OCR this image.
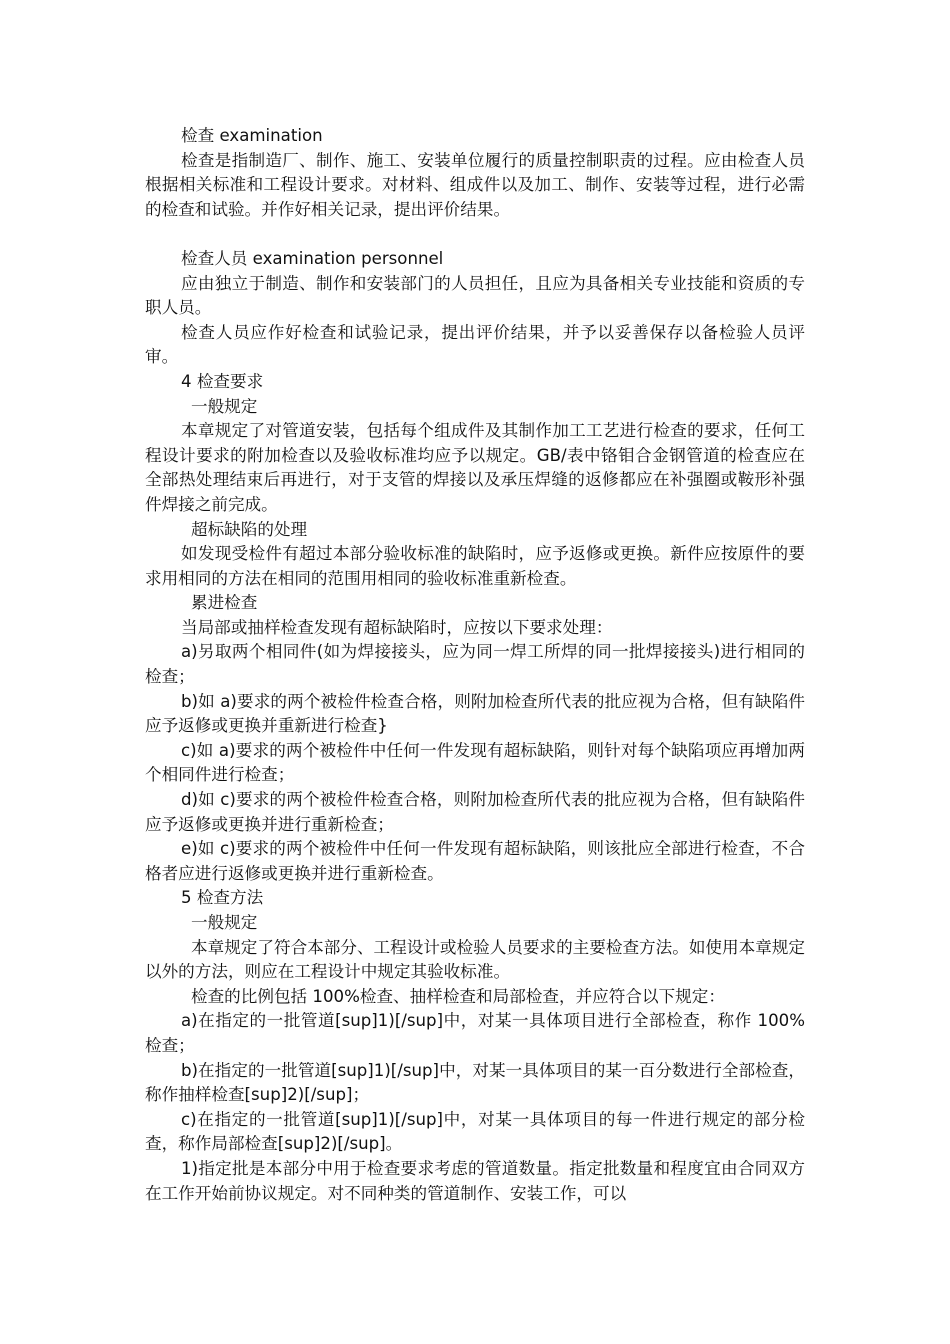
检查 examination

检查是指制造厂、制作、施工、安装单位履行的质量控制职责的过程。应由检查人员根据相关标准和工程设计要求。对材料、组成件以及加工、制作、安装等过程，进行必需的检查和试验。并作好相关记录，提出评价结果。

检查人员 examination personnel

应由独立于制造、制作和安装部门的人员担任，且应为具备相关专业技能和资质的专职人员。

检查人员应作好检查和试验记录，提出评价结果，并予以妥善保存以备检验人员评审。

4 检查要求

一般规定

本章规定了对管道安装，包括每个组成件及其制作加工工艺进行检查的要求，任何工程设计要求的附加检查以及验收标准均应予以规定。GB/表中铬钼合金钢管道的检查应在全部热处理结束后再进行，对于支管的焊接以及承压焊缝的返修都应在补强圈或鞍形补强件焊接之前完成。

超标缺陷的处理

如发现受检件有超过本部分验收标准的缺陷时，应予返修或更换。新件应按原件的要求用相同的方法在相同的范围用相同的验收标准重新检查。

累进检查

当局部或抽样检查发现有超标缺陷时，应按以下要求处理：

a)另取两个相同件(如为焊接接头，应为同一焊工所焊的同一批焊接接头)进行相同的检查；

b)如 a)要求的两个被检件检查合格，则附加检查所代表的批应视为合格，但有缺陷件应予返修或更换并重新进行检查}

c)如 a)要求的两个被检件中任何一件发现有超标缺陷，则针对每个缺陷项应再增加两个相同件进行检查；

d)如 c)要求的两个被检件检查合格，则附加检查所代表的批应视为合格，但有缺陷件应予返修或更换并进行重新检查；

e)如 c)要求的两个被检件中任何一件发现有超标缺陷，则该批应全部进行检查，不合格者应进行返修或更换并进行重新检查。

5 检查方法

一般规定

本章规定了符合本部分、工程设计或检验人员要求的主要检查方法。如使用本章规定以外的方法，则应在工程设计中规定其验收标准。

检查的比例包括 100%检查、抽样检查和局部检查，并应符合以下规定：

a)在指定的一批管道[sup]1)[/sup]中，对某一具体项目进行全部检查，称作 100%检查；

b)在指定的一批管道[sup]1)[/sup]中，对某一具体项目的某一百分数进行全部检查，称作抽样检查[sup]2)[/sup]；

c)在指定的一批管道[sup]1)[/sup]中，对某一具体项目的每一件进行规定的部分检查，称作局部检查[sup]2)[/sup]。

1)指定批是本部分中用于检查要求考虑的管道数量。指定批数量和程度宜由合同双方在工作开始前协议规定。对不同种类的管道制作、安装工作，可以
